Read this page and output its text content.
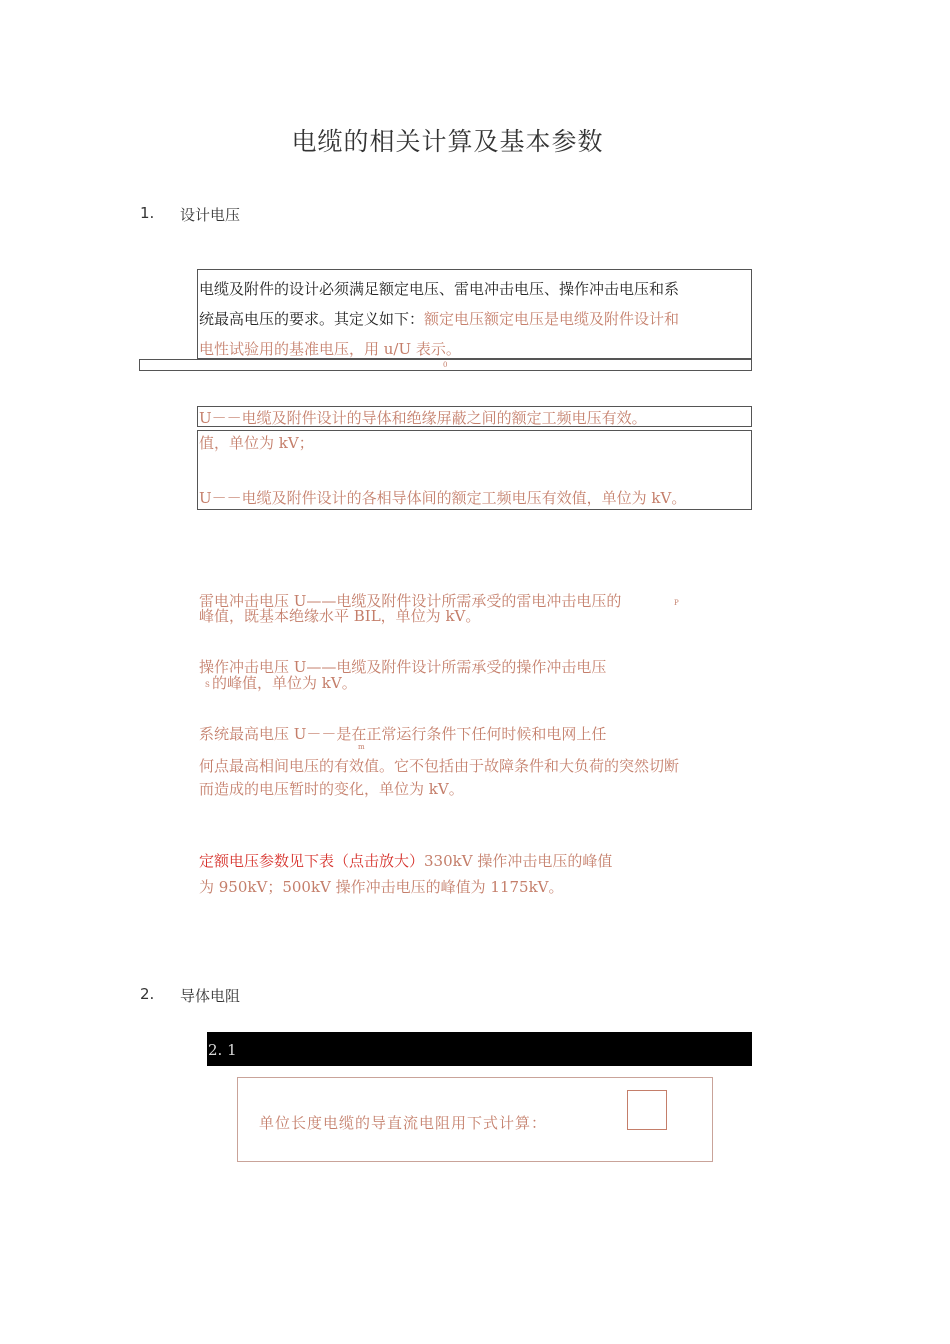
电缆的相关计算及基本参数
1. 设计电压
电缆及附件的设计必须满足额定电压、雷电冲击电压、操作冲击电压和系
统最高电压的要求。其定义如下：额定电压额定电压是电缆及附件设计和
电性试验用的基准电压，用 u/U 表示。
0
U－－电缆及附件设计的导体和绝缘屏蔽之间的额定工频电压有效。
值，单位为 kV；
U－－电缆及附件设计的各相导体间的额定工频电压有效值，单位为 kV。
雷电冲击电压 U——电缆及附件设计所需承受的雷电冲击电压的	P
峰值，既基本绝缘水平 BIL，单位为 kV。
操作冲击电压 U——电缆及附件设计所需承受的操作冲击电压
S 的峰值，单位为 kV。
系统最高电压 U－－是在正常运行条件下任何时候和电网上任
m
何点最高相间电压的有效值。它不包括由于故障条件和大负荷的突然切断
而造成的电压暂时的变化，单位为 kV。
定额电压参数见下表（点击放大）330kV 操作冲击电压的峰值
为 950kV；500kV 操作冲击电压的峰值为 1175kV。
2. 导体电阻
2. 1
单位长度电缆的导直流电阻用下式计算：
